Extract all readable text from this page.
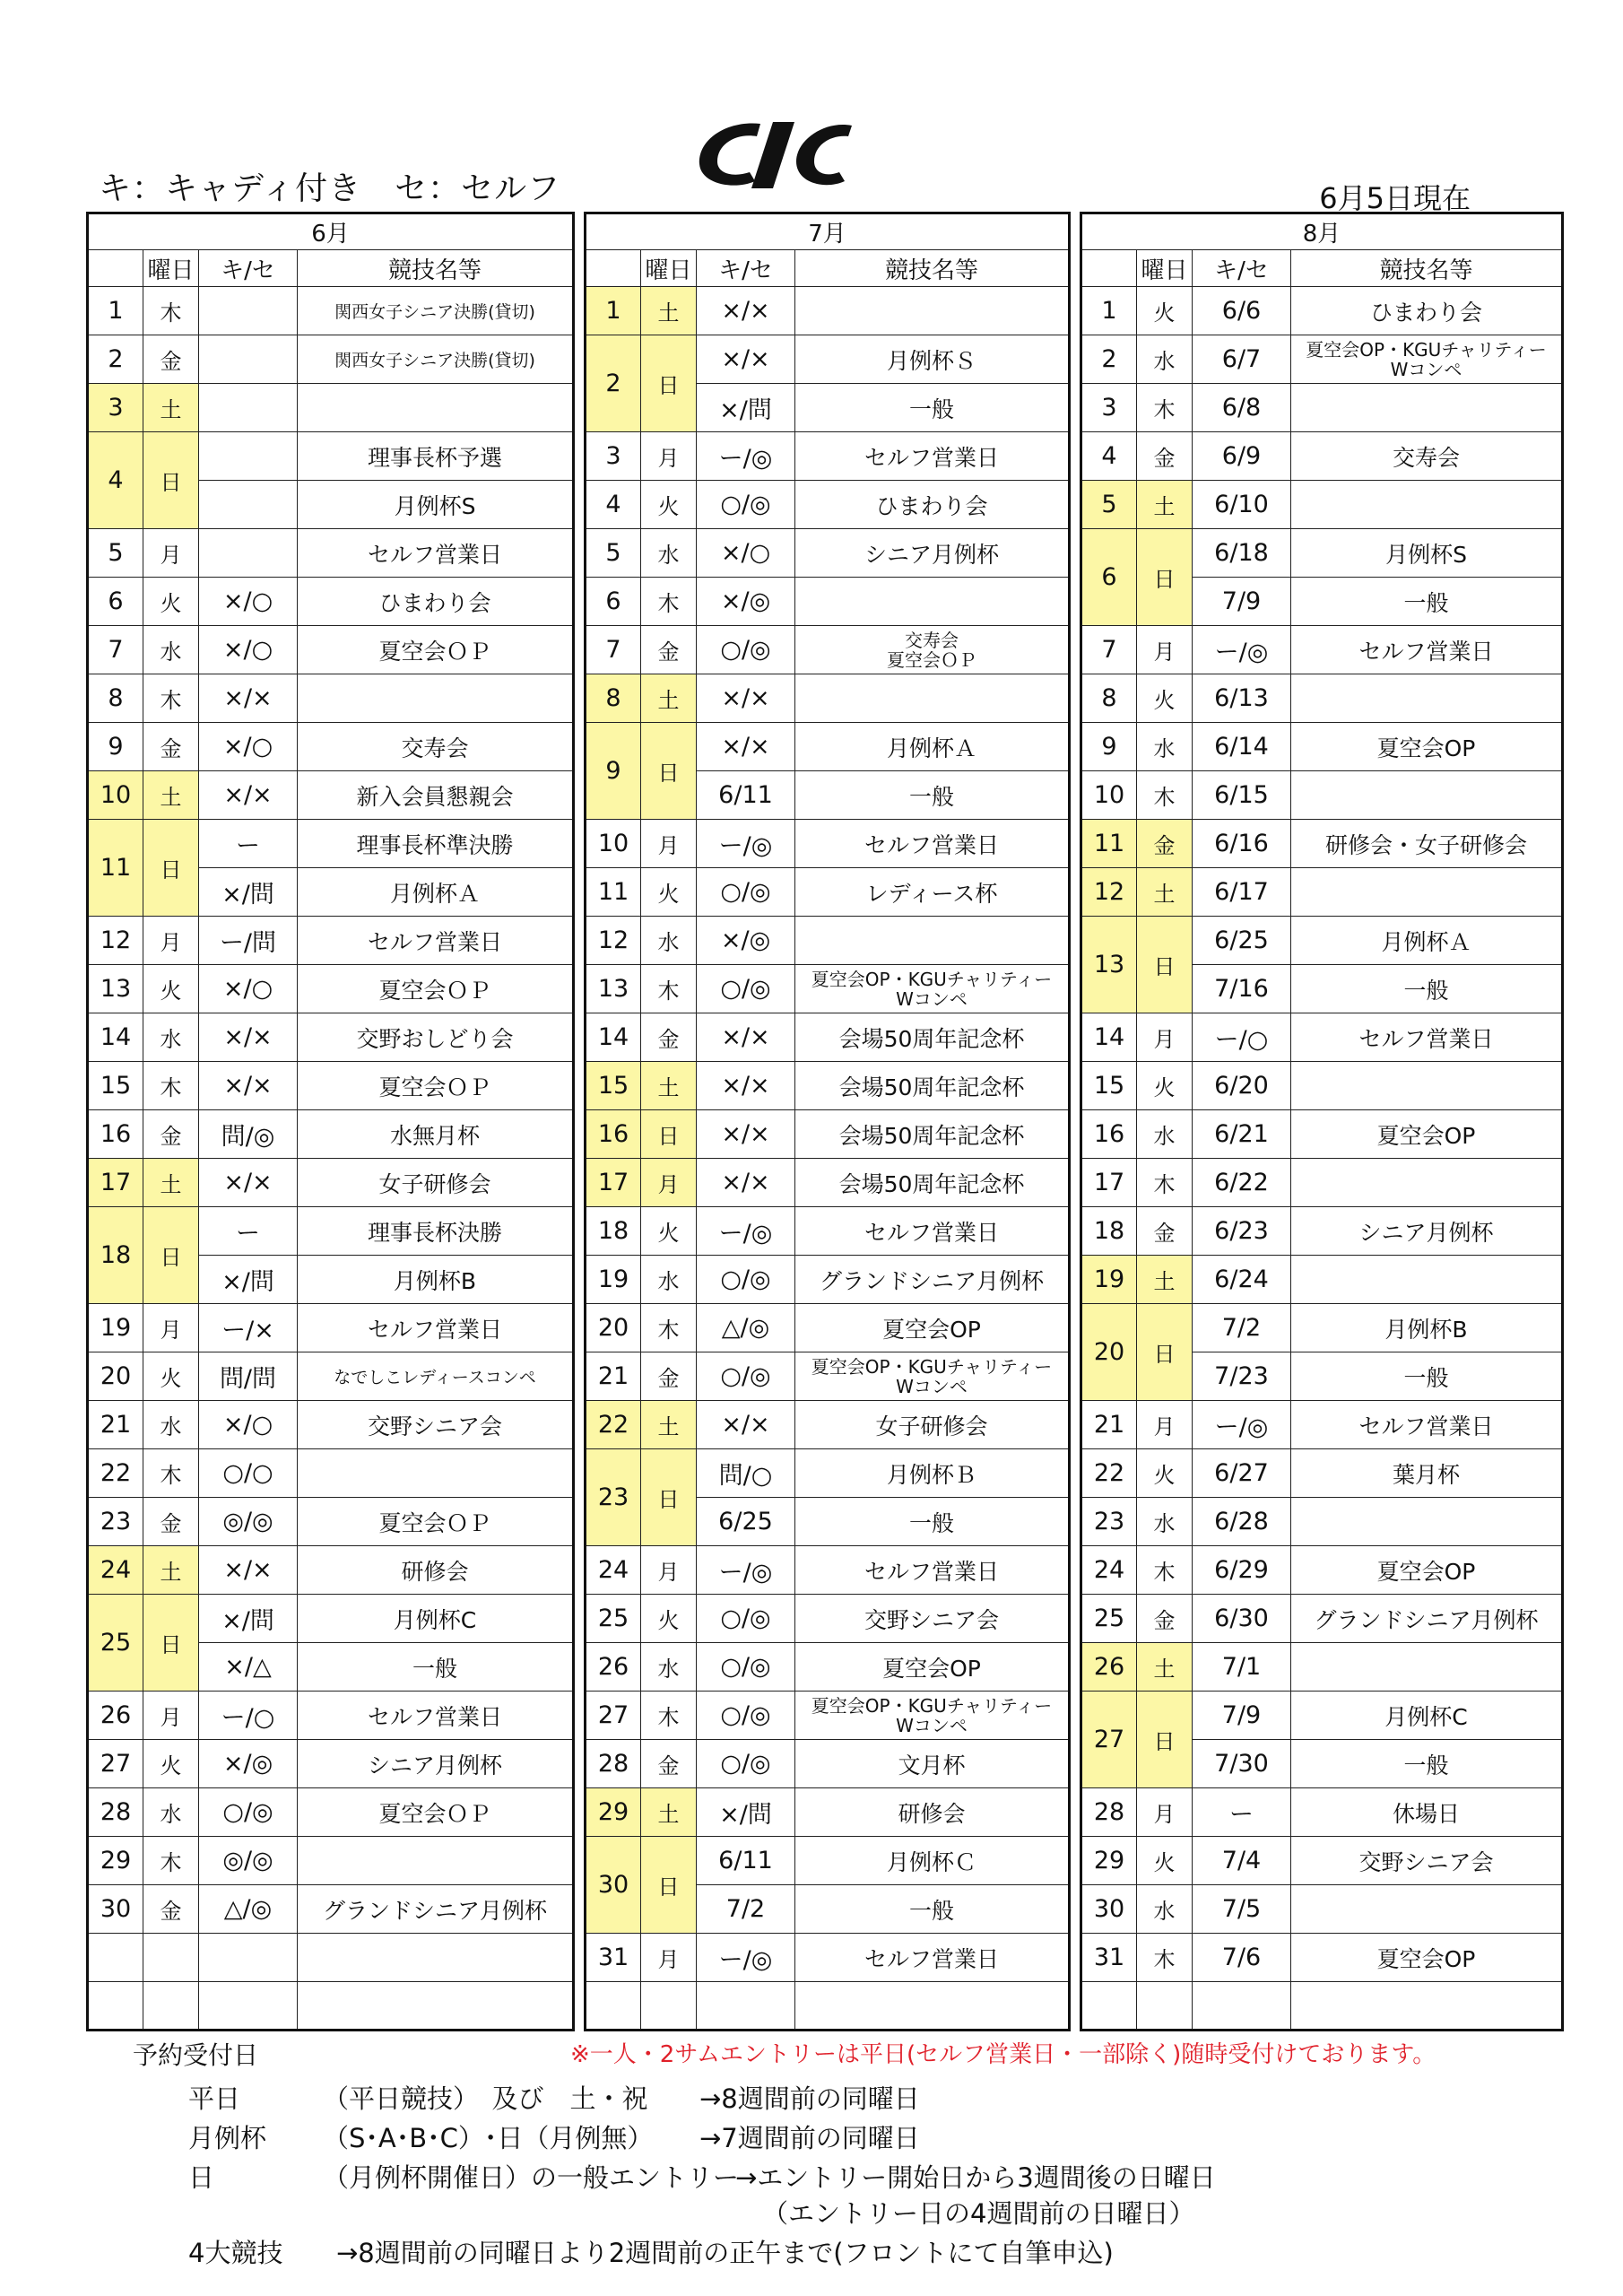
キ：キャディ付き　セ：セルフ	6月5日現在
6月			
	曜日	キ/セ	競技名等
1	木		関西女子シニア決勝(貸切)
2	金		関西女子シニア決勝(貸切)
3	土		
4	日		理事長杯予選
			月例杯S
5	月		セルフ営業日
6	火	×/○	ひまわり会
7	水	×/○	夏空会ＯＰ
8	木	×/×	
9	金	×/○	交寿会
10	土	×/×	新入会員懇親会
11	日	ー	理事長杯準決勝
		×/問	月例杯Ａ
12	月	ー/問	セルフ営業日
13	火	×/○	夏空会ＯＰ
14	水	×/×	交野おしどり会
15	木	×/×	夏空会ＯＰ
16	金	問/◎	水無月杯
17	土	×/×	女子研修会
18	日	ー	理事長杯決勝
		×/問	月例杯B
19	月	ー/×	セルフ営業日
20	火	問/問	なでしこレディースコンペ
21	水	×/○	交野シニア会
22	木	○/○	
23	金	◎/◎	夏空会ＯＰ
24	土	×/×	研修会
25	日	×/問	月例杯C
		×/△	一般
26	月	ー/○	セルフ営業日
27	火	×/◎	シニア月例杯
28	水	○/◎	夏空会ＯＰ
29	木	◎/◎	
30	金	△/◎	グランドシニア月例杯

7月			
	曜日	キ/セ	競技名等
1	土	×/×	
2	日	×/×	月例杯Ｓ
		×/問	一般
3	月	ー/◎	セルフ営業日
4	火	○/◎	ひまわり会
5	水	×/○	シニア月例杯
6	木	×/◎	
7	金	○/◎	交寿会
夏空会ＯＰ

8	土	×/×	
9	日	×/×	月例杯Ａ
		6/11	一般
10	月	ー/◎	セルフ営業日
11	火	○/◎	レディース杯
12	水	×/◎	
13	木	○/◎	夏空会OP・KGUチャリティー
Wコンペ

14	金	×/×	会場50周年記念杯
15	土	×/×	会場50周年記念杯
16	日	×/×	会場50周年記念杯
17	月	×/×	会場50周年記念杯
18	火	ー/◎	セルフ営業日
19	水	○/◎	グランドシニア月例杯
20	木	△/◎	夏空会OP
21	金	○/◎	夏空会OP・KGUチャリティー
Wコンペ

22	土	×/×	女子研修会
23	日	問/○	月例杯Ｂ
		6/25	一般
24	月	ー/◎	セルフ営業日
25	火	○/◎	交野シニア会
26	水	○/◎	夏空会OP
27	木	○/◎	夏空会OP・KGUチャリティー
Wコンペ

28	金	○/◎	文月杯
29	土	×/問	研修会
30	日	6/11	月例杯Ｃ
		7/2	一般
31	月	ー/◎	セルフ営業日

8月			
	曜日	キ/セ	競技名等
1	火	6/6	ひまわり会
2	水	6/7	夏空会OP・KGUチャリティー
Wコンペ

3	木	6/8	
4	金	6/9	交寿会
5	土	6/10	
6	日	6/18	月例杯S
		7/9	一般
7	月	ー/◎	セルフ営業日
8	火	6/13	
9	水	6/14	夏空会OP
10	木	6/15	
11	金	6/16	研修会・女子研修会
12	土	6/17	
13	日	6/25	月例杯Ａ
		7/16	一般
14	月	ー/○	セルフ営業日
15	火	6/20	
16	水	6/21	夏空会OP
17	木	6/22	
18	金	6/23	シニア月例杯
19	土	6/24	
20	日	7/2	月例杯B
		7/23	一般
21	月	ー/◎	セルフ営業日
22	火	6/27	葉月杯
23	水	6/28	
24	木	6/29	夏空会OP
25	金	6/30	グランドシニア月例杯
26	土	7/1	
27	日	7/9	月例杯C
		7/30	一般
28	月	ー	休場日
29	火	7/4	交野シニア会
30	水	7/5	
31	木	7/6	夏空会OP

予約受付日	※一人・2サムエントリーは平日(セルフ営業日・一部除く)随時受付けております。
平日	（平日競技）　及び　土・祝 →8週間前の同曜日
月例杯 （S･A･B･C）･日（月例無） →7週間前の同曜日
日	（月例杯開催日）の一般エントリー
→エントリー開始日から3週間後の日曜日
（エントリー日の4週間前の日曜日）
4大競技 →8週間前の同曜日より2週間前の正午まで(フロントにて自筆申込)
